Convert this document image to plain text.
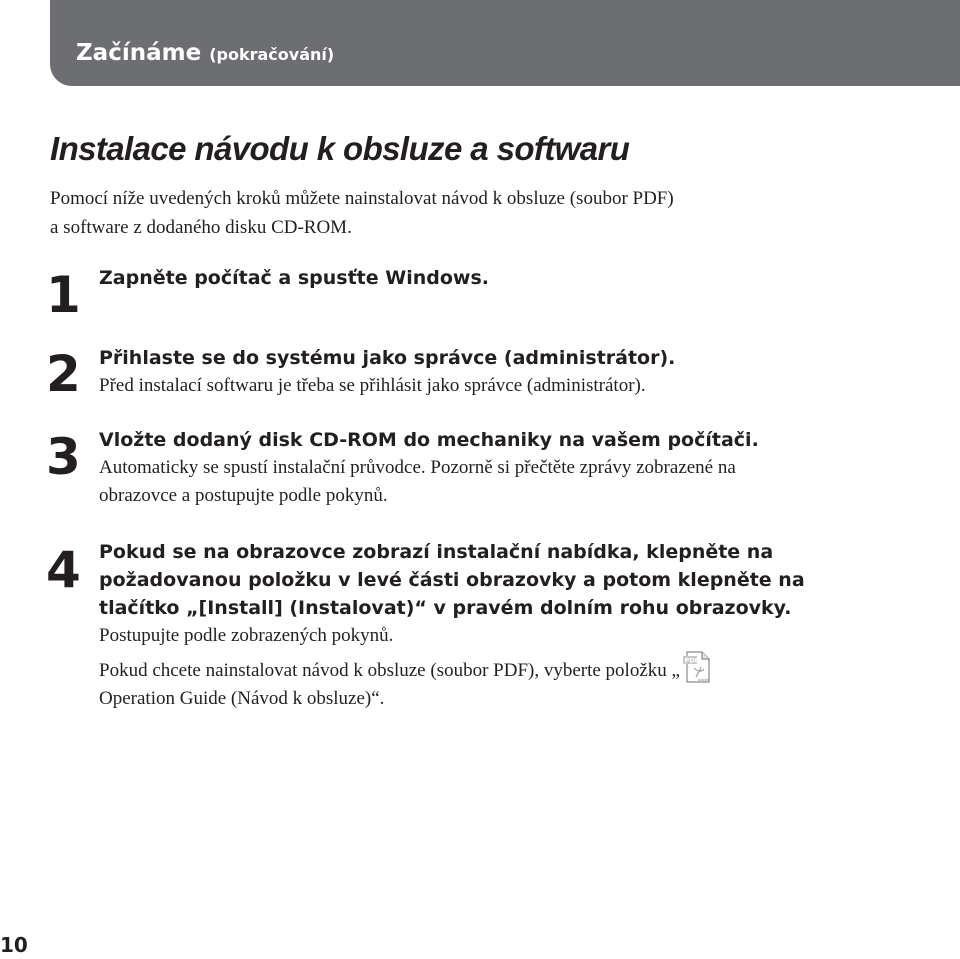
Začínáme (pokračování)
Instalace návodu k obsluze a softwaru
Pomocí níže uvedených kroků můžete nainstalovat návod k obsluze (soubor PDF)
a software z dodaného disku CD-ROM.
1 Zapněte počítač a spusťte Windows.
2 Přihlaste se do systému jako správce (administrátor).
Před instalací softwaru je třeba se přihlásit jako správce (administrátor).
3 Vložte dodaný disk CD-ROM do mechaniky na vašem počítači.
Automaticky se spustí instalační průvodce. Pozorně si přečtěte zprávy zobrazené na
obrazovce a postupujte podle pokynů.
4 Pokud se na obrazovce zobrazí instalační nabídka, klepněte na
požadovanou položku v levé části obrazovky a potom klepněte na
tlačítko „[Install] (Instalovat)“ v pravém dolním rohu obrazovky.
Postupujte podle zobrazených pokynů.
Pokud chcete nainstalovat návod k obsluze (soubor PDF), vyberte položku „ PDF
Adobe
Operation Guide (Návod k obsluze)“.
10
